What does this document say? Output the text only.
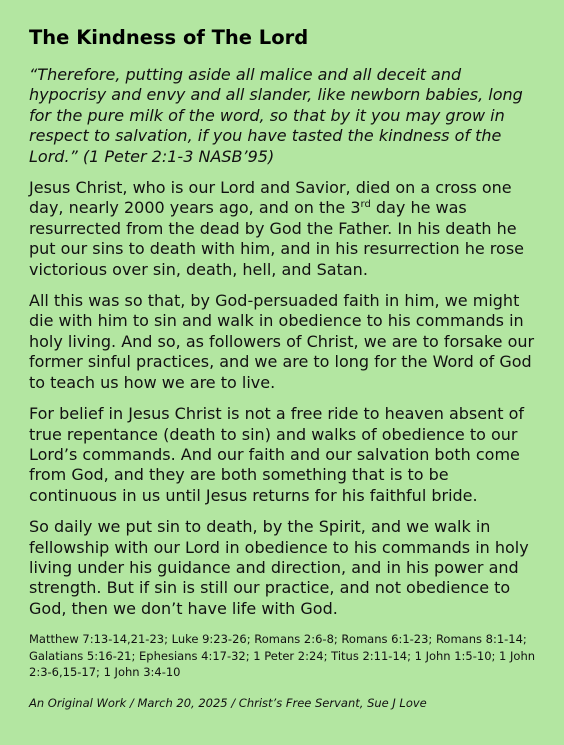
The Kindness of The Lord

“Therefore, putting aside all malice and all deceit and hypocrisy and envy and all slander, like newborn babies, long for the pure milk of the word, so that by it you may grow in respect to salvation, if you have tasted the kindness of the Lord.” (1 Peter 2:1-3 NASB’95)

Jesus Christ, who is our Lord and Savior, died on a cross one day, nearly 2000 years ago, and on the 3rd day he was resurrected from the dead by God the Father. In his death he put our sins to death with him, and in his resurrection he rose victorious over sin, death, hell, and Satan.

All this was so that, by God-persuaded faith in him, we might die with him to sin and walk in obedience to his commands in holy living. And so, as followers of Christ, we are to forsake our former sinful practices, and we are to long for the Word of God to teach us how we are to live.

For belief in Jesus Christ is not a free ride to heaven absent of true repentance (death to sin) and walks of obedience to our Lord’s commands. And our faith and our salvation both come from God, and they are both something that is to be continuous in us until Jesus returns for his faithful bride.

So daily we put sin to death, by the Spirit, and we walk in fellowship with our Lord in obedience to his commands in holy living under his guidance and direction, and in his power and strength. But if sin is still our practice, and not obedience to God, then we don’t have life with God.

Matthew 7:13-14,21-23; Luke 9:23-26; Romans 2:6-8; Romans 6:1-23; Romans 8:1-14; Galatians 5:16-21; Ephesians 4:17-32; 1 Peter 2:24; Titus 2:11-14; 1 John 1:5-10; 1 John 2:3-6,15-17; 1 John 3:4-10

An Original Work / March 20, 2025 / Christ’s Free Servant, Sue J Love
